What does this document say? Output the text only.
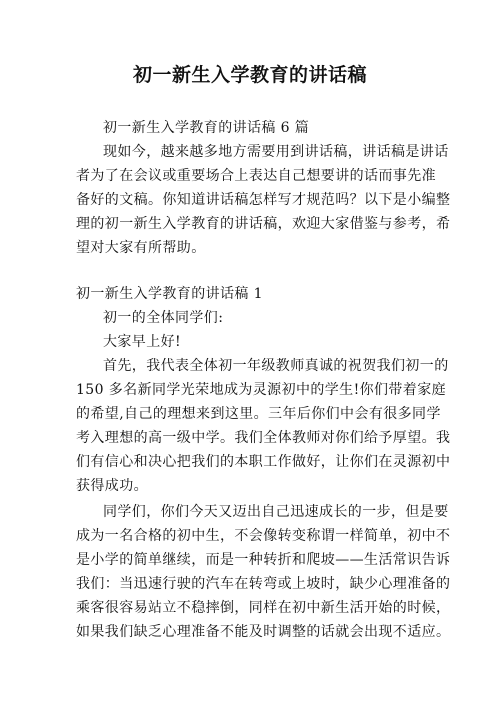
初一新生入学教育的讲话稿
初一新生入学教育的讲话稿 6 篇
现如今，越来越多地方需要用到讲话稿，讲话稿是讲话
者为了在会议或重要场合上表达自己想要讲的话而事先准
备好的文稿。你知道讲话稿怎样写才规范吗？以下是小编整
理的初一新生入学教育的讲话稿，欢迎大家借鉴与参考，希
望对大家有所帮助。
初一新生入学教育的讲话稿 1
初一的全体同学们:
大家早上好!
首先，我代表全体初一年级教师真诚的祝贺我们初一的
150 多名新同学光荣地成为灵源初中的学生!你们带着家庭
的希望,自己的理想来到这里。三年后你们中会有很多同学
考入理想的高一级中学。我们全体教师对你们给予厚望。我
们有信心和决心把我们的本职工作做好，让你们在灵源初中
获得成功。
同学们，你们今天又迈出自己迅速成长的一步，但是要
成为一名合格的初中生，不会像转变称谓一样简单，初中不
是小学的简单继续，而是一种转折和爬坡——生活常识告诉
我们：当迅速行驶的汽车在转弯或上坡时，缺少心理准备的
乘客很容易站立不稳摔倒，同样在初中新生活开始的时候，
如果我们缺乏心理准备不能及时调整的话就会出现不适应。
